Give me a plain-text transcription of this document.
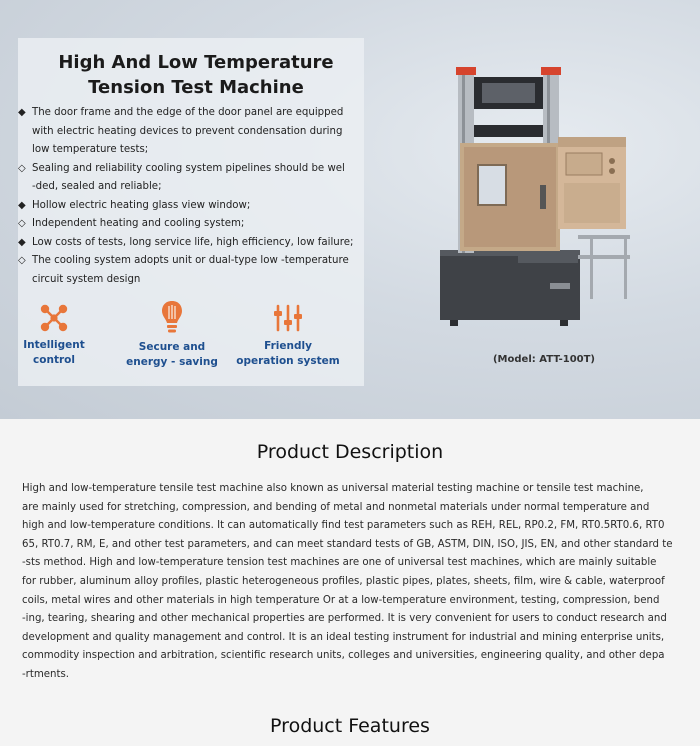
High And Low Temperature
Tension Test Machine
◆ The door frame and the edge of the door panel are equipped
with electric heating devices to prevent condensation during
low temperature tests;
◇ Sealing and reliability cooling system pipelines should be wel
-ded, sealed and reliable;
◆ Hollow electric heating glass view window;
◇ Independent heating and cooling system;
◆ Low costs of tests, long service life, high efficiency, low failure;
◇ The cooling system adopts unit or dual-type low -temperature
circuit system design
Intelligent
control
Secure and
energy - saving
Friendly
operation system	(Model: ATT-100T)
Product Description
High and low-temperature tensile test machine also known as universal material testing machine or tensile test machine,
are mainly used for stretching, compression, and bending of metal and nonmetal materials under normal temperature and
high and low-temperature conditions. It can automatically find test parameters such as REH, REL, RP0.2, FM, RT0.5RT0.6, RT0
65, RT0.7, RM, E, and other test parameters, and can meet standard tests of GB, ASTM, DIN, ISO, JIS, EN, and other standard te
-sts method. High and low-temperature tension test machines are one of universal test machines, which are mainly suitable
for rubber, aluminum alloy profiles, plastic heterogeneous profiles, plastic pipes, plates, sheets, film, wire & cable, waterproof
coils, metal wires and other materials in high temperature Or at a low-temperature environment, testing, compression, bend
-ing, tearing, shearing and other mechanical properties are performed. It is very convenient for users to conduct research and
development and quality management and control. It is an ideal testing instrument for industrial and mining enterprise units,
commodity inspection and arbitration, scientific research units, colleges and universities, engineering quality, and other depa
-rtments.
Product Features
